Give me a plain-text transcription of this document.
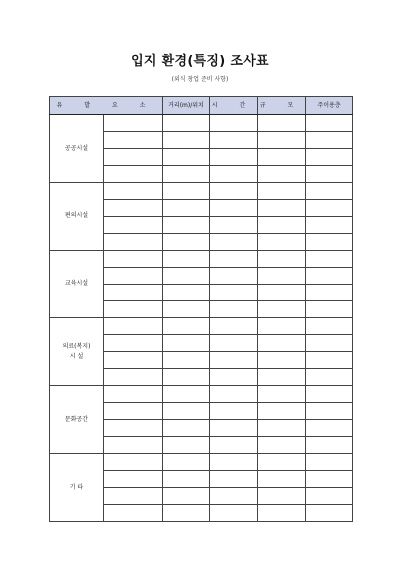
입지 환경(특징) 조사표
(외식 창업 준비 사항)
유 발 요 소		거리(m)/위치	시 간	규 모	주이용층
공공시설					

편의시설					

교육시설					

의료(복지)
시 설					

문화공간					

기 타					
